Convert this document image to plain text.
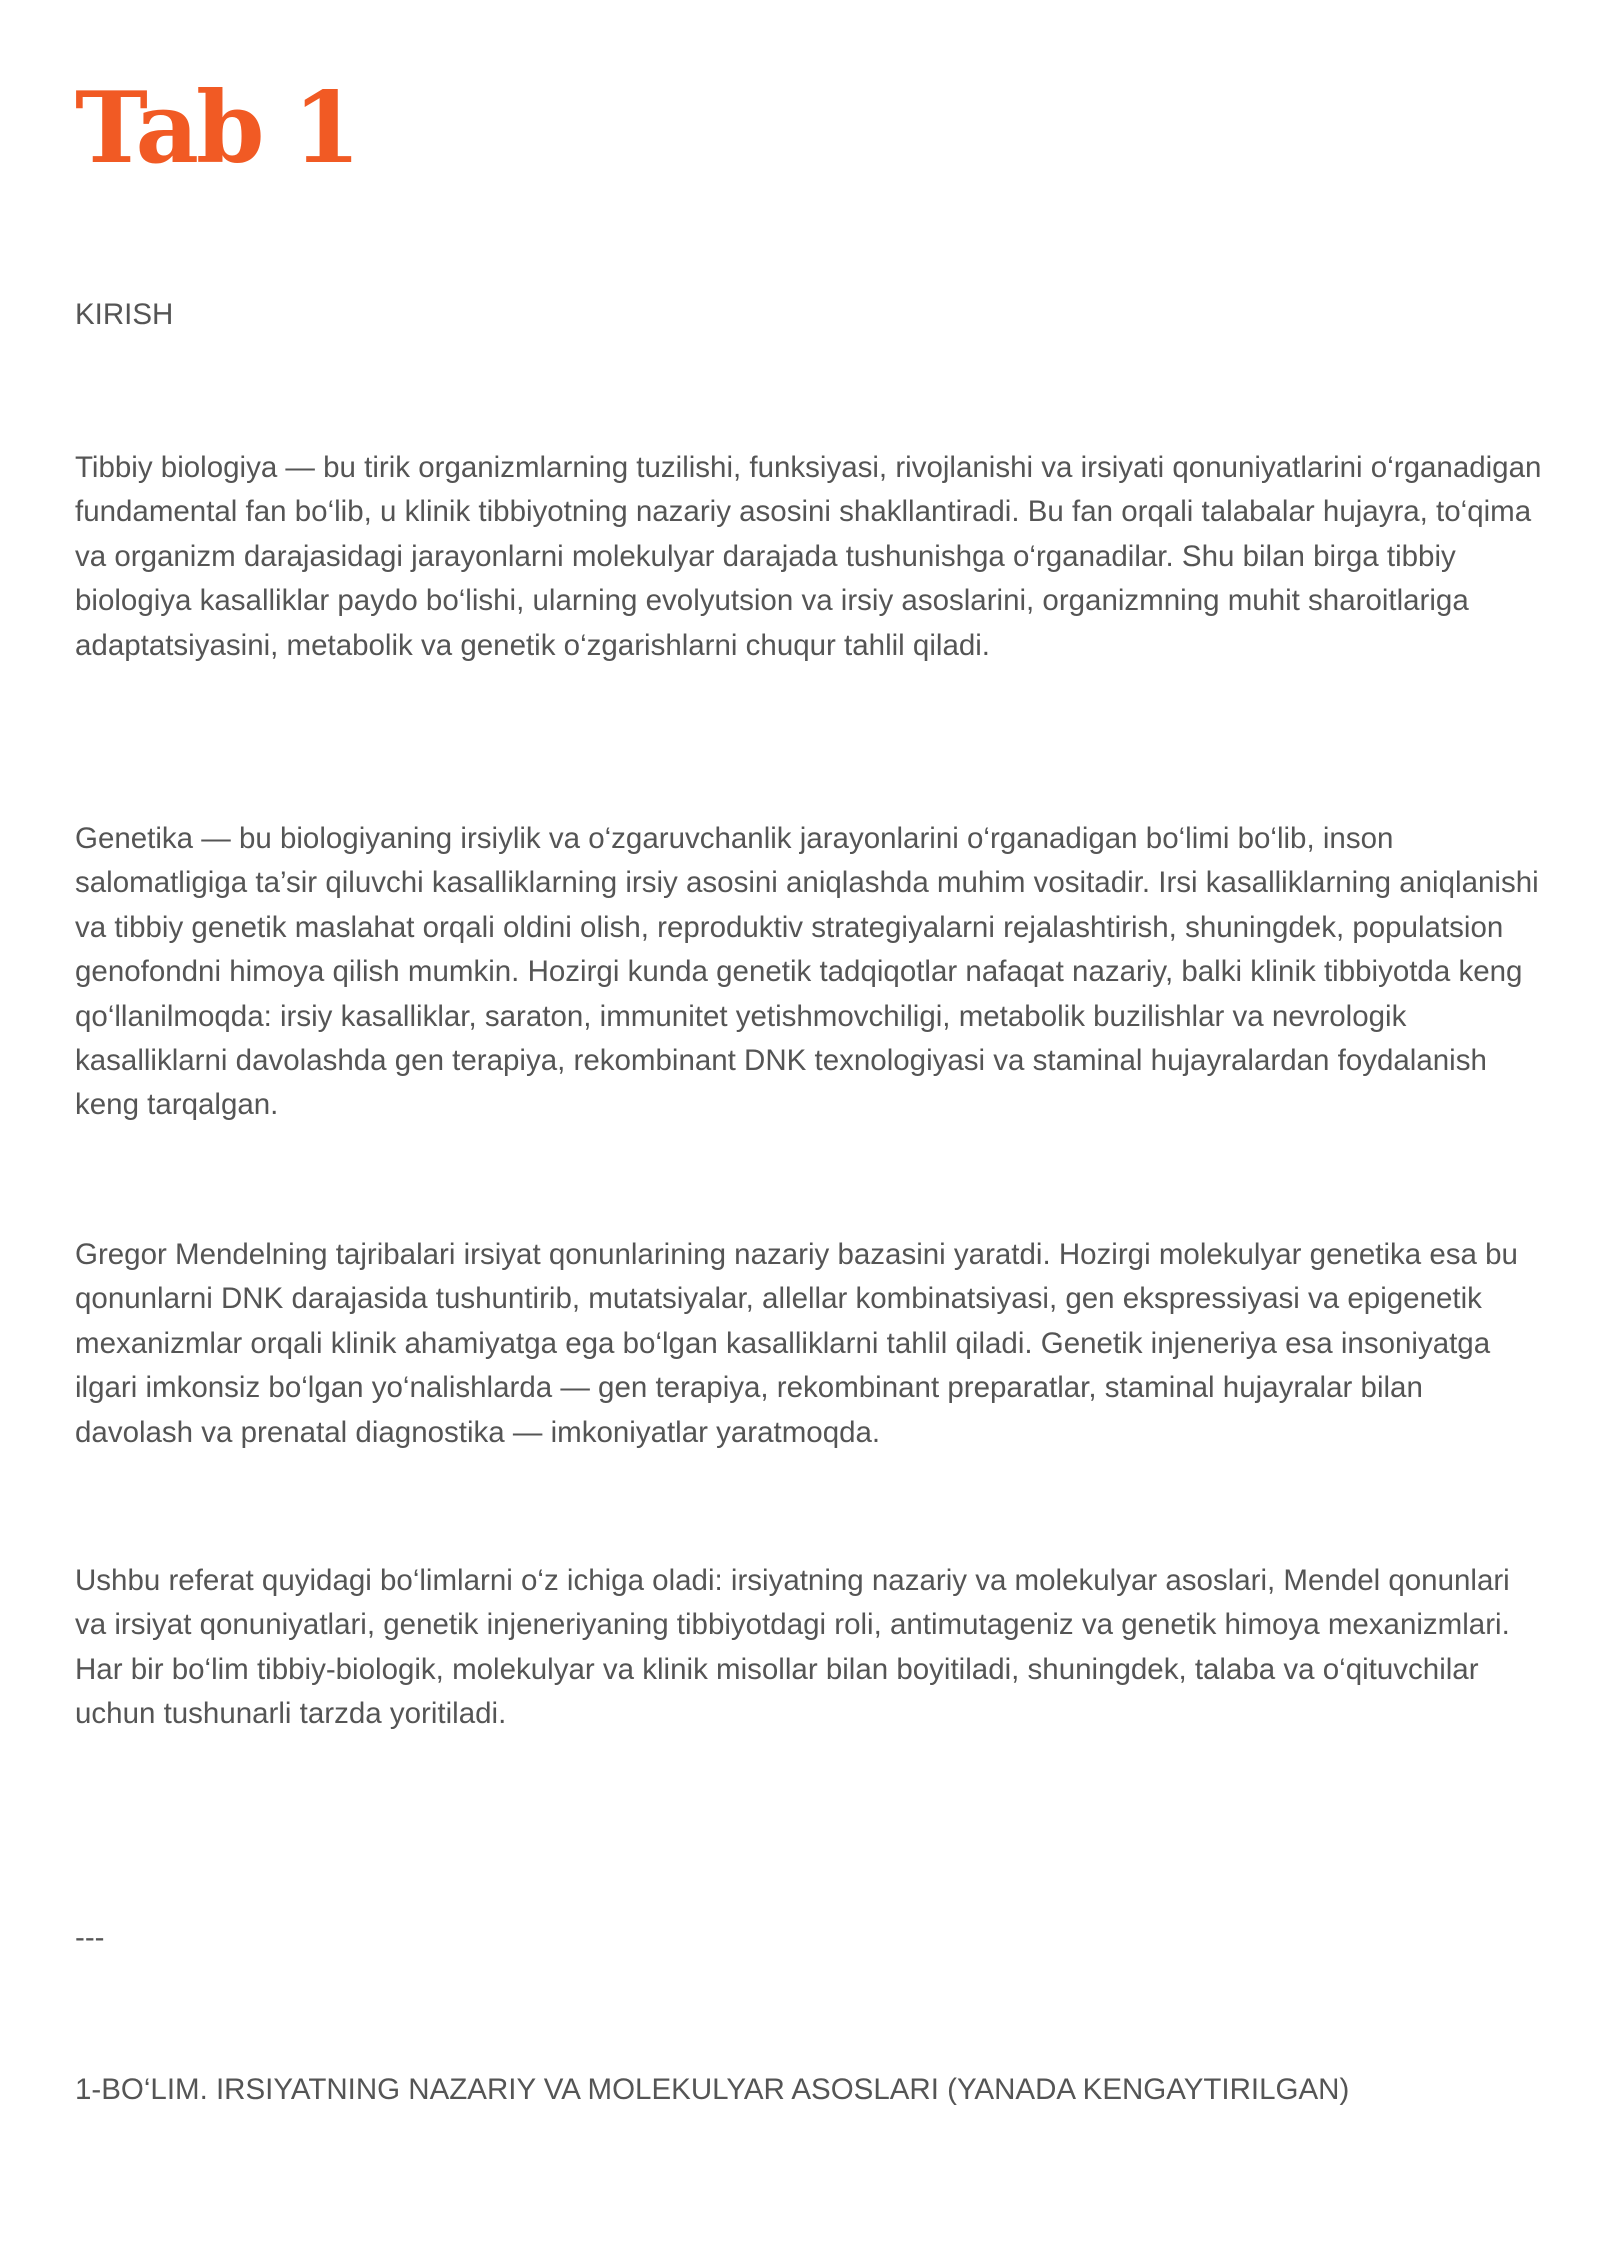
Tab 1

KIRISH

Tibbiy biologiya — bu tirik organizmlarning tuzilishi, funksiyasi, rivojlanishi va irsiyati qonuniyatlarini o‘rganadigan fundamental fan bo‘lib, u klinik tibbiyotning nazariy asosini shakllantiradi. Bu fan orqali talabalar hujayra, to‘qima va organizm darajasidagi jarayonlarni molekulyar darajada tushunishga o‘rganadilar. Shu bilan birga tibbiy biologiya kasalliklar paydo bo‘lishi, ularning evolyutsion va irsiy asoslarini, organizmning muhit sharoitlariga adaptatsiyasini, metabolik va genetik o‘zgarishlarni chuqur tahlil qiladi.

Genetika — bu biologiyaning irsiylik va o‘zgaruvchanlik jarayonlarini o‘rganadigan bo‘limi bo‘lib, inson salomatligiga ta’sir qiluvchi kasalliklarning irsiy asosini aniqlashda muhim vositadir. Irsi kasalliklarning aniqlanishi va tibbiy genetik maslahat orqali oldini olish, reproduktiv strategiyalarni rejalashtirish, shuningdek, populatsion genofondni himoya qilish mumkin. Hozirgi kunda genetik tadqiqotlar nafaqat nazariy, balki klinik tibbiyotda keng qo‘llanilmoqda: irsiy kasalliklar, saraton, immunitet yetishmovchiligi, metabolik buzilishlar va nevrologik kasalliklarni davolashda gen terapiya, rekombinant DNK texnologiyasi va staminal hujayralardan foydalanish keng tarqalgan.

Gregor Mendelning tajribalari irsiyat qonunlarining nazariy bazasini yaratdi. Hozirgi molekulyar genetika esa bu qonunlarni DNK darajasida tushuntirib, mutatsiyalar, allellar kombinatsiyasi, gen ekspressiyasi va epigenetik mexanizmlar orqali klinik ahamiyatga ega bo‘lgan kasalliklarni tahlil qiladi. Genetik injeneriya esa insoniyatga ilgari imkonsiz bo‘lgan yo‘nalishlarda — gen terapiya, rekombinant preparatlar, staminal hujayralar bilan davolash va prenatal diagnostika — imkoniyatlar yaratmoqda.

Ushbu referat quyidagi bo‘limlarni o‘z ichiga oladi: irsiyatning nazariy va molekulyar asoslari, Mendel qonunlari va irsiyat qonuniyatlari, genetik injeneriyaning tibbiyotdagi roli, antimutageniz va genetik himoya mexanizmlari. Har bir bo‘lim tibbiy-biologik, molekulyar va klinik misollar bilan boyitiladi, shuningdek, talaba va o‘qituvchilar uchun tushunarli tarzda yoritiladi.

---

1-BO‘LIM. IRSIYATNING NAZARIY VA MOLEKULYAR ASOSLARI (YANADA KENGAYTIRILGAN)
